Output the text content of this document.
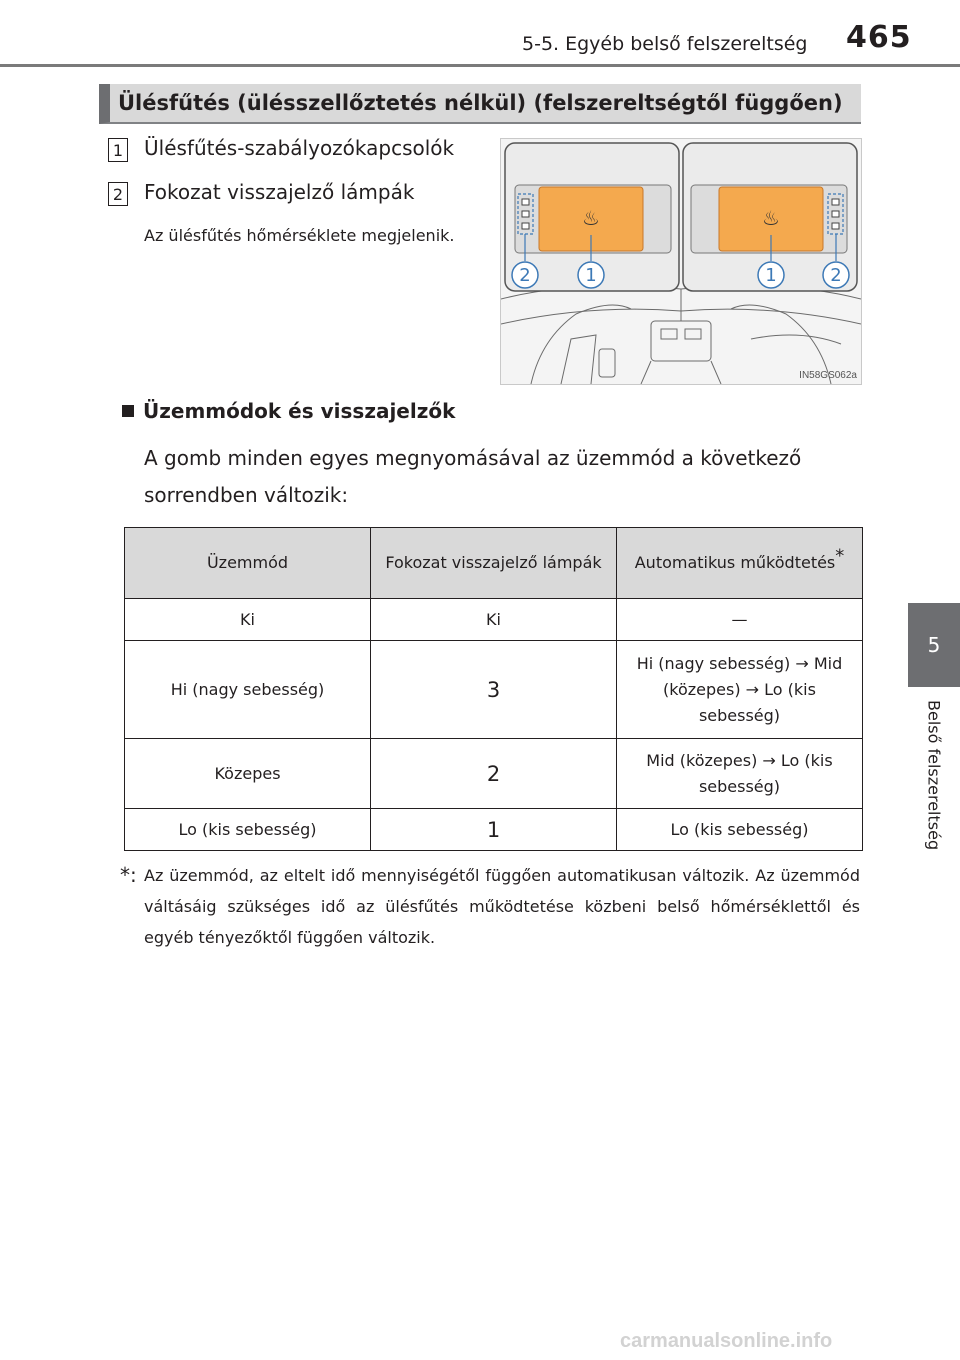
5-5. Egyéb belső felszereltség 465
5
Belső felszereltség
Ülésfűtés (ülésszellőztetés nélkül) (felszereltségtől függően)
1 Ülésfűtés-szabályozókapcsolók
2 Fokozat visszajelző lámpák
Az ülésfűtés hőmérséklete megjelenik.
♨	♨
2	1	1	2
IN58GS062a
Üzemmódok és visszajelzők
A gomb minden egyes megnyomásával az üzemmód a következő sorrendben változik:
Üzemmód	Fokozat visszajelző lámpák	Automatikus működtetés*
Ki	Ki	—
Hi (nagy sebesség)	3	Hi (nagy sebesség) → Mid (közepes) → Lo (kis sebesség)
Közepes	2	Mid (közepes) → Lo (kis sebesség)
Lo (kis sebesség)	1	Lo (kis sebesség)
*: Az üzemmód, az eltelt idő mennyiségétől függően automatikusan változik. Az üzemmód váltásáig szükséges idő az ülésfűtés működtetése közbeni belső hőmérséklettől és egyéb tényezőktől függően változik.
carmanualsonline.info
